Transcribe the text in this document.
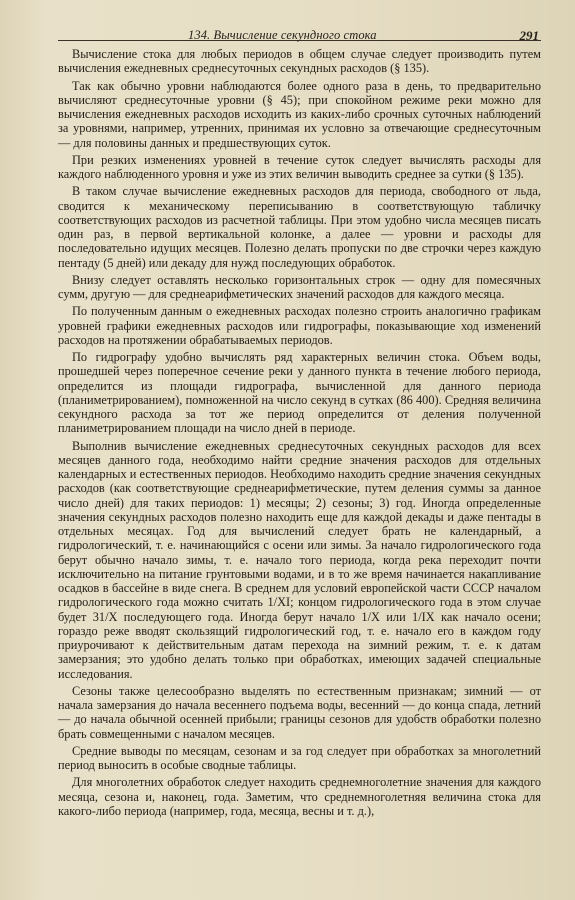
134. Вычисление секундного стока	291

Вычисление стока для любых периодов в общем случае следует производить путем вычисления ежедневных среднесуточных секундных расходов (§ 135).

Так как обычно уровни наблюдаются более одного раза в день, то предварительно вычисляют среднесуточные уровни (§ 45); при спокойном режиме реки можно для вычисления ежедневных расходов исходить из каких-либо срочных суточных наблюдений за уровнями, например, утренних, принимая их условно за отвечающие среднесуточным — для половины данных и предшествующих суток.

При резких изменениях уровней в течение суток следует вычислять расходы для каждого наблюденного уровня и уже из этих величин выводить среднее за сутки (§ 135).

В таком случае вычисление ежедневных расходов для периода, свободного от льда, сводится к механическому переписыванию в соответствующую табличку соответствующих расходов из расчетной таблицы. При этом удобно числа месяцев писать один раз, в первой вертикальной колонке, а далее — уровни и расходы для последовательно идущих месяцев. Полезно делать пропуски по две строчки через каждую пентаду (5 дней) или декаду для нужд последующих обработок.

Внизу следует оставлять несколько горизонтальных строк — одну для помесячных сумм, другую — для среднеарифметических значений расходов для каждого месяца.

По полученным данным о ежедневных расходах полезно строить аналогично графикам уровней графики ежедневных расходов или гидрографы, показывающие ход изменений расходов на протяжении обрабатываемых периодов.

По гидрографу удобно вычислять ряд характерных величин стока. Объем воды, прошедшей через поперечное сечение реки у данного пункта в течение любого периода, определится из площади гидрографа, вычисленной для данного периода (планиметрированием), помноженной на число секунд в сутках (86 400). Средняя величина секундного расхода за тот же период определится от деления полученной планиметрированием площади на число дней в периоде.

Выполнив вычисление ежедневных среднесуточных секундных расходов для всех месяцев данного года, необходимо найти средние значения расходов для отдельных календарных и естественных периодов. Необходимо находить средние значения секундных расходов (как соответствующие среднеарифметические, путем деления суммы за данное число дней) для таких периодов: 1) месяцы; 2) сезоны; 3) год. Иногда определенные значения секундных расходов полезно находить еще для каждой декады и даже пентады в отдельных месяцах. Год для вычислений следует брать не календарный, а гидрологический, т. е. начинающийся с осени или зимы. За начало гидрологического года берут обычно начало зимы, т. е. начало того периода, когда река переходит почти исключительно на питание грунтовыми водами, и в то же время начинается накапливание осадков в бассейне в виде снега. В среднем для условий европейской части СССР началом гидрологического года можно считать 1/XI; концом гидрологического года в этом случае будет 31/X последующего года. Иногда берут начало 1/X или 1/IX как начало осени; гораздо реже вводят скользящий гидрологический год, т. е. начало его в каждом году приурочивают к действительным датам перехода на зимний режим, т. е. к датам замерзания; это удобно делать только при обработках, имеющих задачей специальные исследования.

Сезоны также целесообразно выделять по естественным признакам; зимний — от начала замерзания до начала весеннего подъема воды, весенний — до конца спада, летний — до начала обычной осенней прибыли; границы сезонов для удобств обработки полезно брать совмещенными с началом месяцев.

Средние выводы по месяцам, сезонам и за год следует при обработках за многолетний период выносить в особые сводные таблицы.

Для многолетних обработок следует находить среднемноголетние значения для каждого месяца, сезона и, наконец, года. Заметим, что среднемноголетняя величина стока для какого-либо периода (например, года, месяца, весны и т. д.),
